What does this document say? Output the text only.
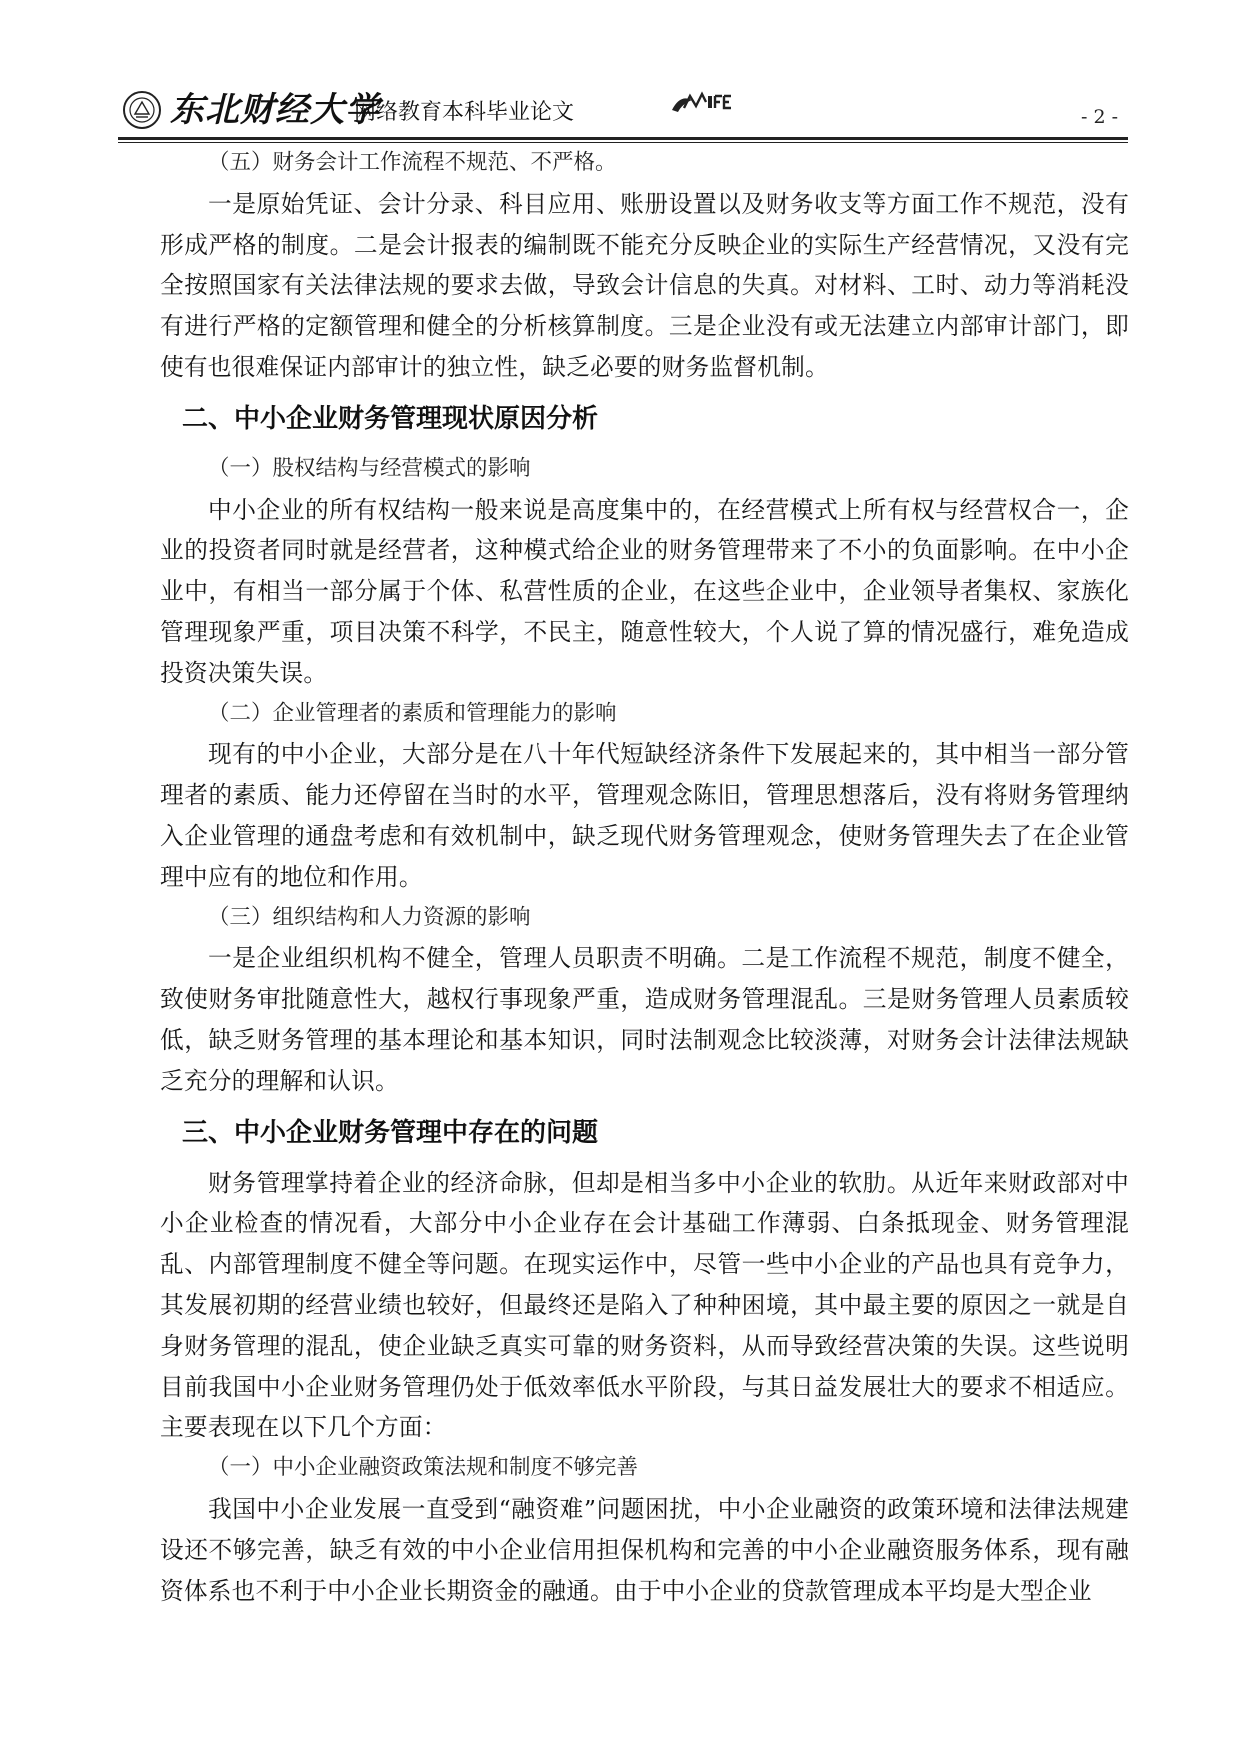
东北财经大学
网络教育本科毕业论文	- 2 -

（五）财务会计工作流程不规范、不严格。

一是原始凭证、会计分录、科目应用、账册设置以及财务收支等方面工作不规范，没有形成严格的制度。二是会计报表的编制既不能充分反映企业的实际生产经营情况，又没有完全按照国家有关法律法规的要求去做，导致会计信息的失真。对材料、工时、动力等消耗没有进行严格的定额管理和健全的分析核算制度。三是企业没有或无法建立内部审计部门，即使有也很难保证内部审计的独立性，缺乏必要的财务监督机制。

二、中小企业财务管理现状原因分析

（一）股权结构与经营模式的影响

中小企业的所有权结构一般来说是高度集中的，在经营模式上所有权与经营权合一，企业的投资者同时就是经营者，这种模式给企业的财务管理带来了不小的负面影响。在中小企业中，有相当一部分属于个体、私营性质的企业，在这些企业中，企业领导者集权、家族化管理现象严重，项目决策不科学，不民主，随意性较大，个人说了算的情况盛行，难免造成投资决策失误。

（二）企业管理者的素质和管理能力的影响

现有的中小企业，大部分是在八十年代短缺经济条件下发展起来的，其中相当一部分管理者的素质、能力还停留在当时的水平，管理观念陈旧，管理思想落后，没有将财务管理纳入企业管理的通盘考虑和有效机制中，缺乏现代财务管理观念，使财务管理失去了在企业管理中应有的地位和作用。

（三）组织结构和人力资源的影响

一是企业组织机构不健全，管理人员职责不明确。二是工作流程不规范，制度不健全，致使财务审批随意性大，越权行事现象严重，造成财务管理混乱。三是财务管理人员素质较低，缺乏财务管理的基本理论和基本知识，同时法制观念比较淡薄，对财务会计法律法规缺乏充分的理解和认识。

三、中小企业财务管理中存在的问题

财务管理掌持着企业的经济命脉，但却是相当多中小企业的软肋。从近年来财政部对中小企业检查的情况看，大部分中小企业存在会计基础工作薄弱、白条抵现金、财务管理混乱、内部管理制度不健全等问题。在现实运作中，尽管一些中小企业的产品也具有竞争力，其发展初期的经营业绩也较好，但最终还是陷入了种种困境，其中最主要的原因之一就是自身财务管理的混乱，使企业缺乏真实可靠的财务资料，从而导致经营决策的失误。这些说明目前我国中小企业财务管理仍处于低效率低水平阶段，与其日益发展壮大的要求不相适应。主要表现在以下几个方面：

（一）中小企业融资政策法规和制度不够完善

我国中小企业发展一直受到“融资难”问题困扰，中小企业融资的政策环境和法律法规建设还不够完善，缺乏有效的中小企业信用担保机构和完善的中小企业融资服务体系，现有融资体系也不利于中小企业长期资金的融通。由于中小企业的贷款管理成本平均是大型企业
